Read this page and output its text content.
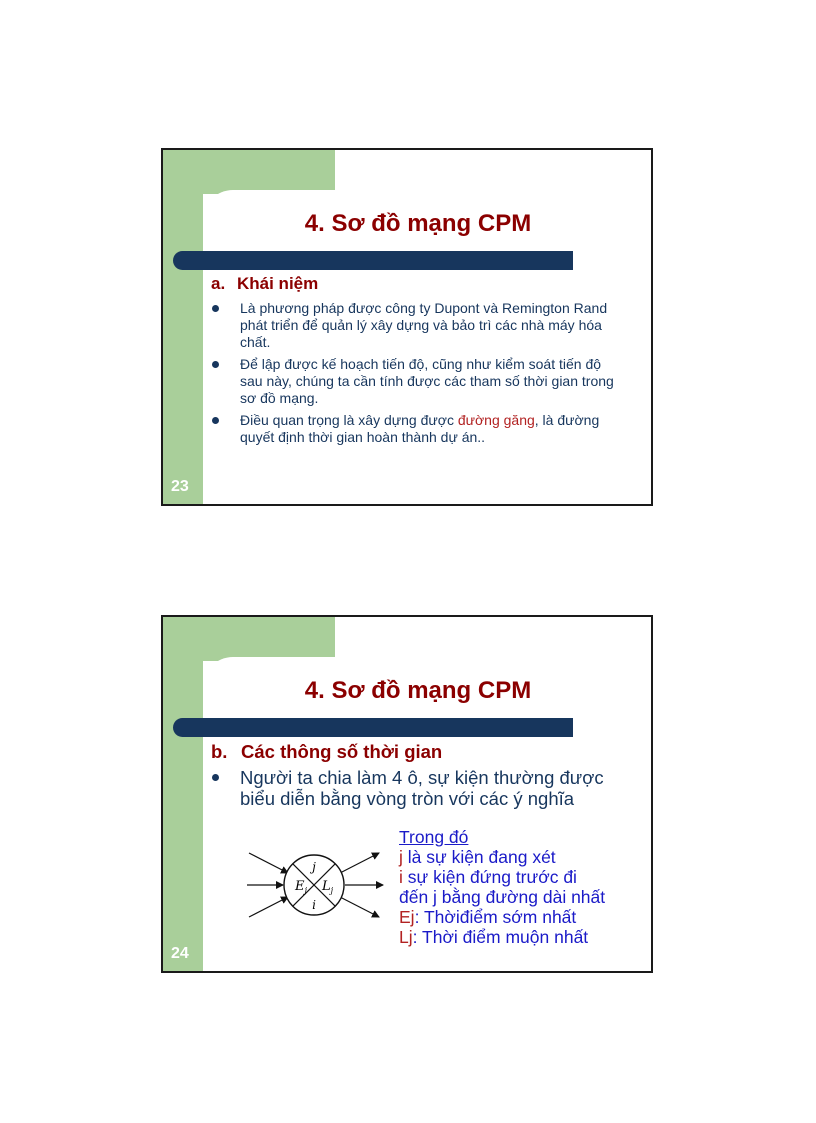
4. Sơ đồ mạng CPM
a. Khái niệm
Là phương pháp được công ty Dupont và Remington Rand phát triển để quản lý xây dựng và bảo trì các nhà máy hóa chất.
Để lập được kế hoạch tiến độ, cũng như kiểm soát tiến độ sau này, chúng ta cần tính được các tham số thời gian trong sơ đồ mạng.
Điều quan trọng là xây dựng được đường găng, là đường quyết định thời gian hoàn thành dự án..
23
4. Sơ đồ mạng CPM
b. Các thông số thời gian
Người ta chia làm 4 ô, sự kiện thường được biểu diễn bằng vòng tròn với các ý nghĩa
j
i
$E_j$ $L_j$
Trong đó
j là sự kiện đang xét
i sự kiện đứng trước đi
đến j bằng đường dài nhất
Ej: Thờiđiểm sớm nhất
Lj: Thời điểm muộn nhất
24
